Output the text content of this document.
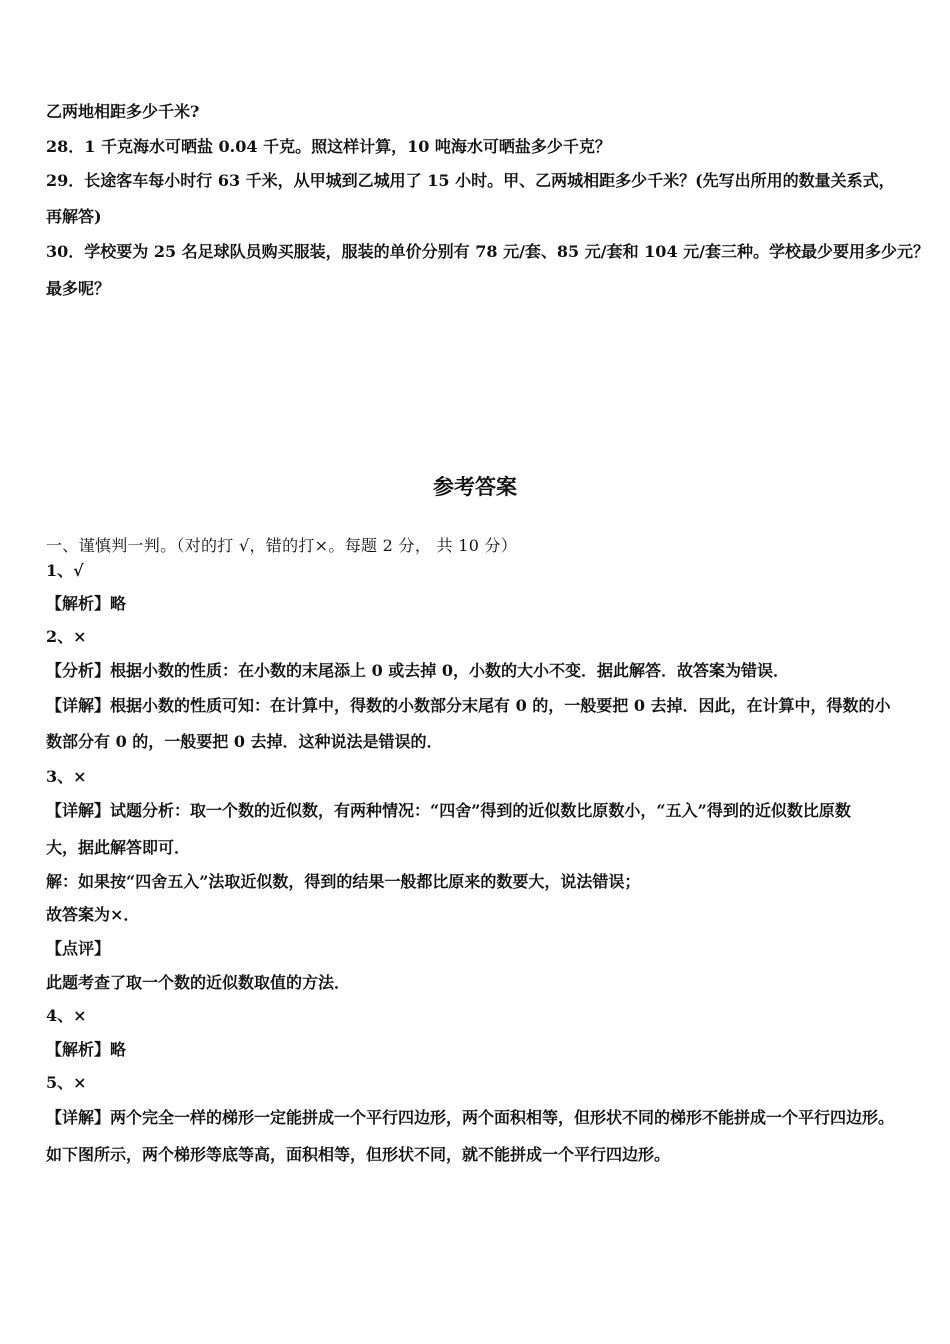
乙两地相距多少千米?
28．1 千克海水可晒盐 0.04 千克。照这样计算，10 吨海水可晒盐多少千克？
29．长途客车每小时行 63 千米，从甲城到乙城用了 15 小时。甲、乙两城相距多少千米？(先写出所用的数量关系式，
再解答)
30．学校要为 25 名足球队员购买服装，服装的单价分别有 78 元/套、85 元/套和 104 元/套三种。学校最少要用多少元？
最多呢？
参考答案
一、谨慎判一判。（对的打 √，错的打×。每题 2 分， 共 10 分）
1、√
【解析】略
2、×
【分析】根据小数的性质：在小数的末尾添上 0 或去掉 0，小数的大小不变．据此解答．故答案为错误．
【详解】根据小数的性质可知：在计算中，得数的小数部分末尾有 0 的，一般要把 0 去掉．因此，在计算中，得数的小
数部分有 0 的，一般要把 0 去掉．这种说法是错误的．
3、×
【详解】试题分析：取一个数的近似数，有两种情况：“四舍”得到的近似数比原数小，“五入”得到的近似数比原数
大，据此解答即可．
解：如果按“四舍五入”法取近似数，得到的结果一般都比原来的数要大，说法错误；
故答案为×．
【点评】
此题考查了取一个数的近似数取值的方法．
4、×
【解析】略
5、×
【详解】两个完全一样的梯形一定能拼成一个平行四边形，两个面积相等，但形状不同的梯形不能拼成一个平行四边形。
如下图所示，两个梯形等底等高，面积相等，但形状不同，就不能拼成一个平行四边形。
